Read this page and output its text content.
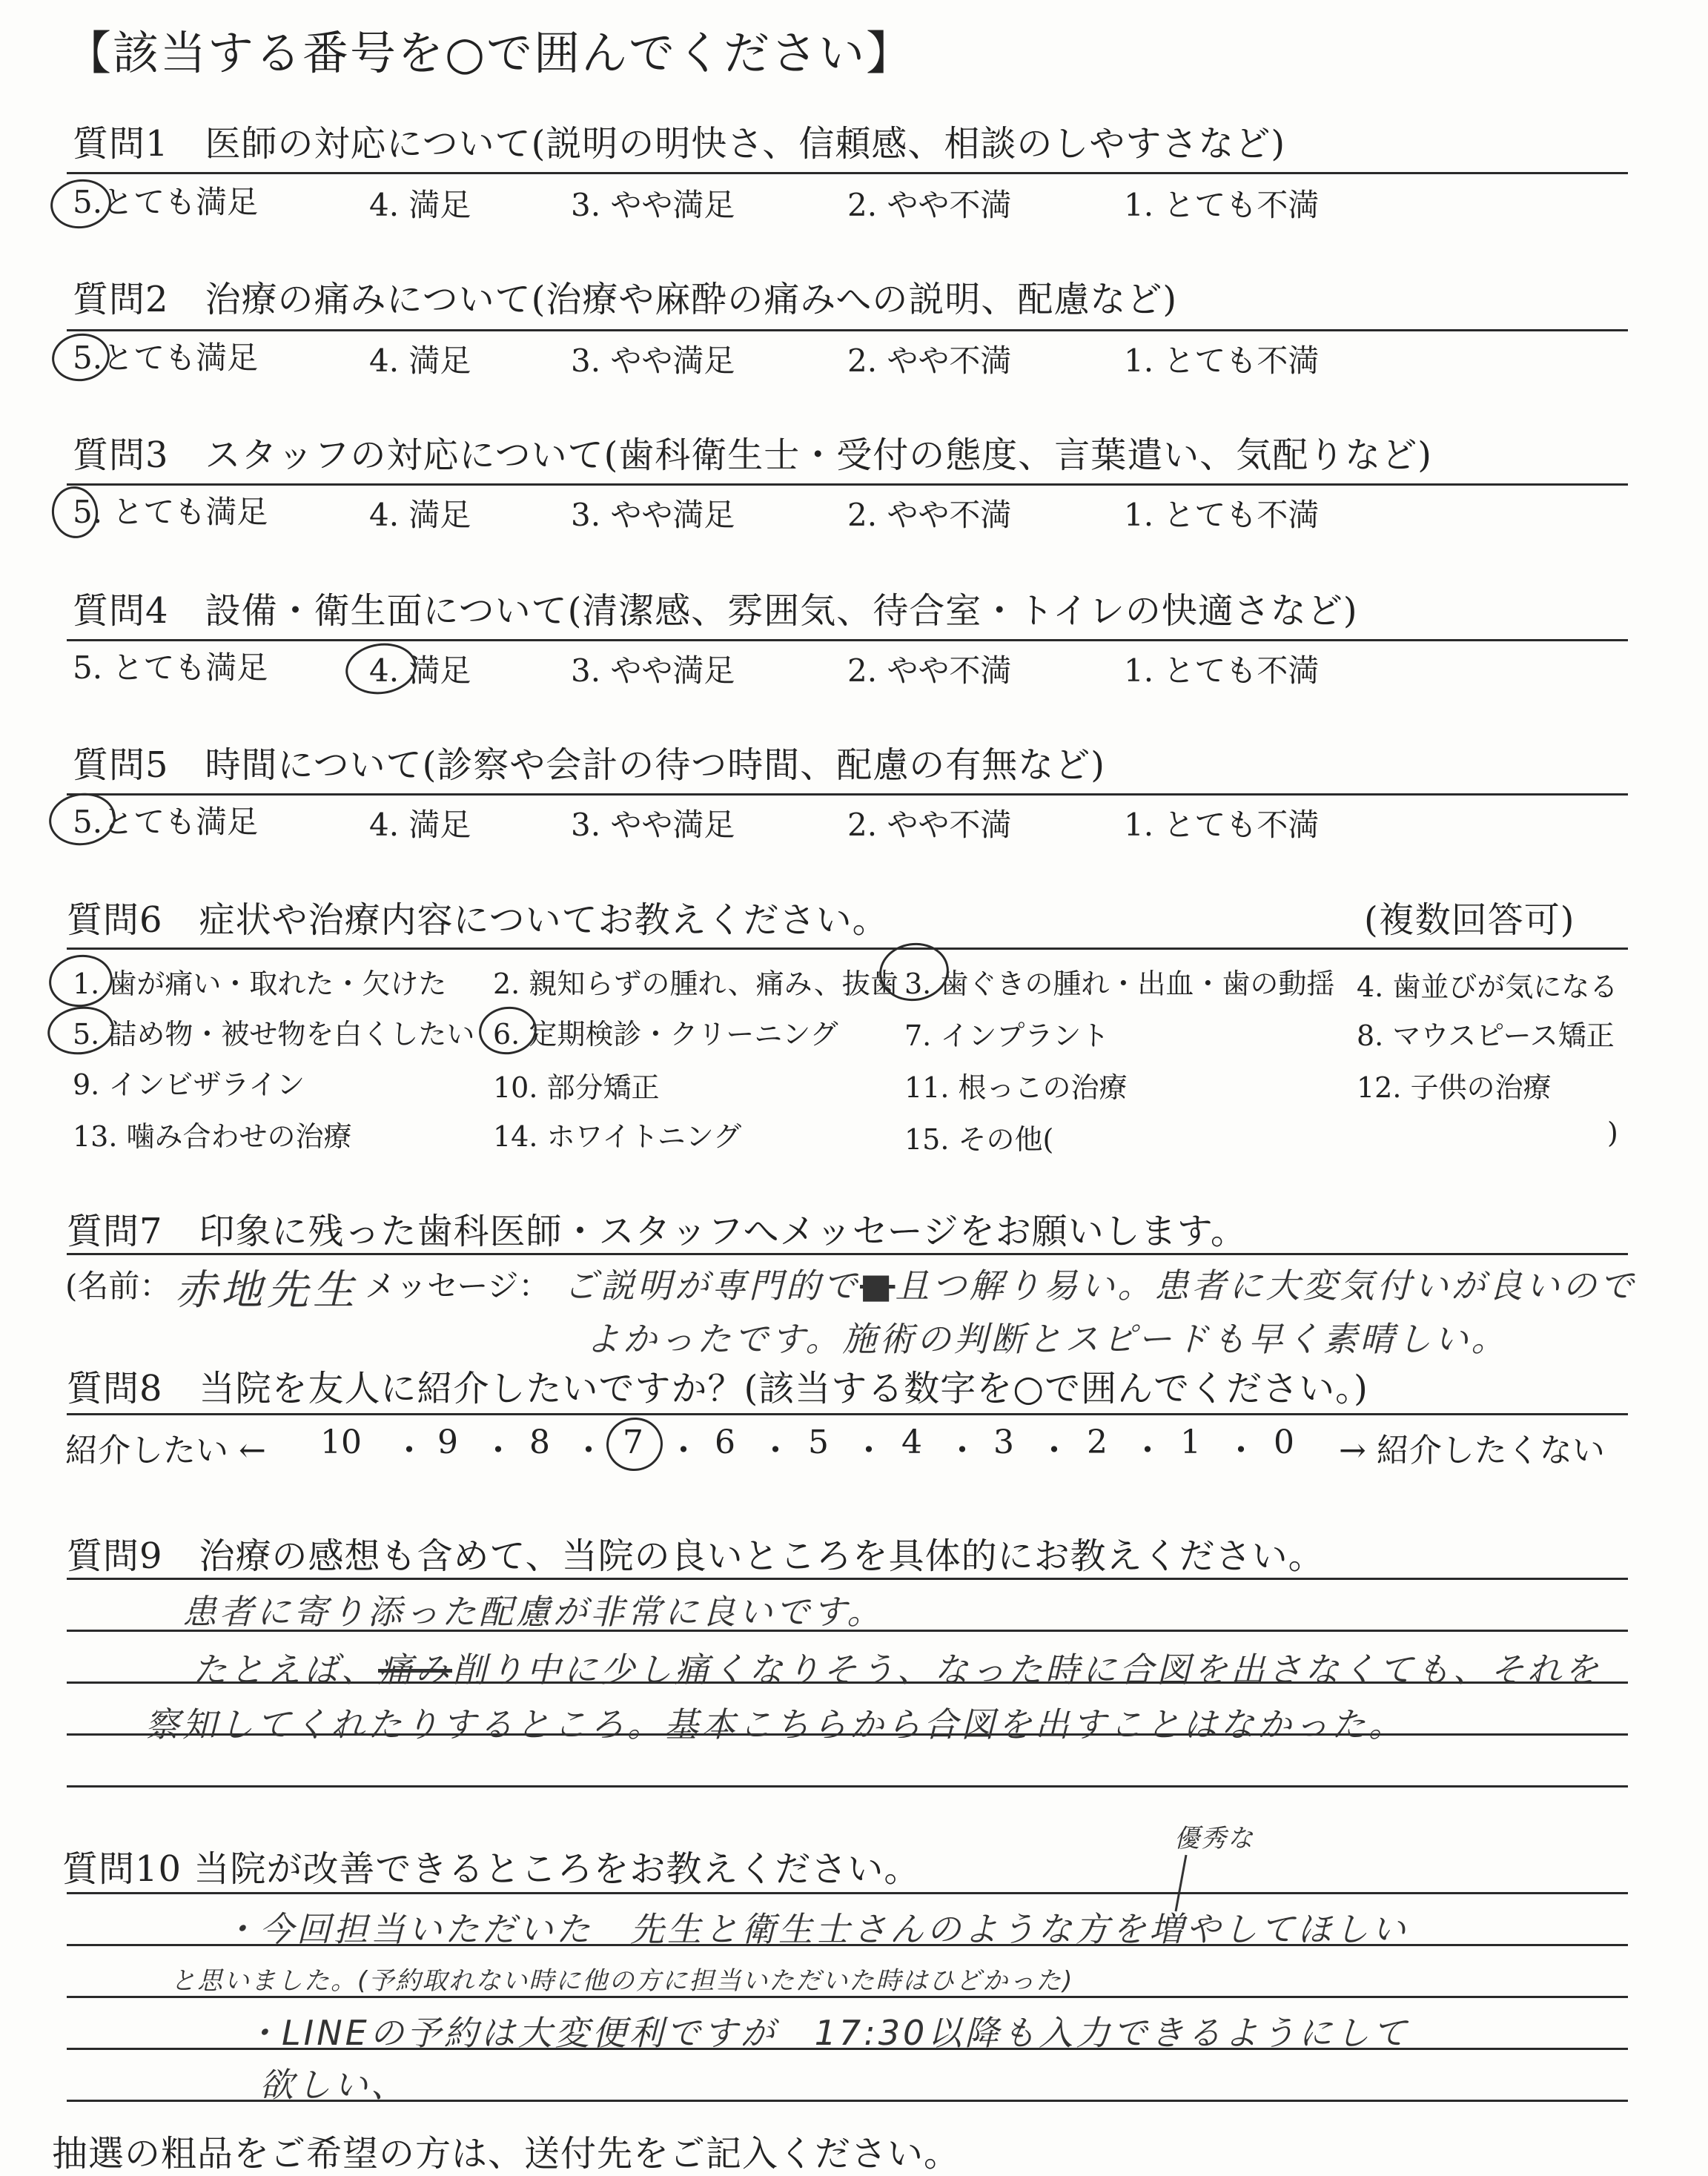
【該当する番号を○で囲んでください】
質問1　医師の対応について(説明の明快さ、信頼感、相談のしやすさなど)
5.とても満足	4. 満足	3. やや満足	2. やや不満	1. とても不満
質問2　治療の痛みについて(治療や麻酔の痛みへの説明、配慮など)
5.とても満足	4. 満足	3. やや満足	2. やや不満	1. とても不満
質問3　スタッフの対応について(歯科衛生士・受付の態度、言葉遣い、気配りなど)
5. とても満足	4. 満足	3. やや満足	2. やや不満	1. とても不満
質問4　設備・衛生面について(清潔感、雰囲気、待合室・トイレの快適さなど)
5. とても満足	4. 満足	3. やや満足	2. やや不満	1. とても不満
質問5　時間について(診察や会計の待つ時間、配慮の有無など)
5.とても満足	4. 満足	3. やや満足	2. やや不満	1. とても不満
質問6　症状や治療内容についてお教えください。	(複数回答可)
1. 歯が痛い・取れた・欠けた 2. 親知らずの腫れ、痛み、抜歯 3. 歯ぐきの腫れ・出血・歯の動揺 4. 歯並びが気になる
5. 詰め物・被せ物を白くしたい 6. 定期検診・クリーニング 7. インプラント	8. マウスピース矯正
9. インビザライン	10. 部分矯正	11. 根っこの治療	12. 子供の治療
13. 噛み合わせの治療	14. ホワイトニング	15. その他(	)
質問7　印象に残った歯科医師・スタッフへメッセージをお願いします。
(名前： 赤地先生 メッセージ： ご説明が専門的で■且つ解り易い。患者に大変気付いが良いので
よかったです。施術の判断とスピードも早く素晴しい。
質問8　当院を友人に紹介したいですか？(該当する数字を○で囲んでください。)
紹介したい ← 10 ・ 9 ・ 8 ・ 7 ・ 6 ・ 5 ・ 4 ・ 3 ・ 2 ・ 1 ・ 0 → 紹介したくない
質問9　治療の感想も含めて、当院の良いところを具体的にお教えください。
患者に寄り添った配慮が非常に良いです。
たとえば、痛み削り中に少し痛くなりそう、なった時に合図を出さなくても、それを
察知してくれたりするところ。基本こちらから合図を出すことはなかった。
質問10 当院が改善できるところをお教えください。
優秀な
・今回担当いただいた　先生と衛生士さんのような方を増やしてほしい
と思いました。(予約取れない時に他の方に担当いただいた時はひどかった)
・LINEの予約は大変便利ですが　17:30以降も入力できるようにして
欲しい、
抽選の粗品をご希望の方は、送付先をご記入ください。
